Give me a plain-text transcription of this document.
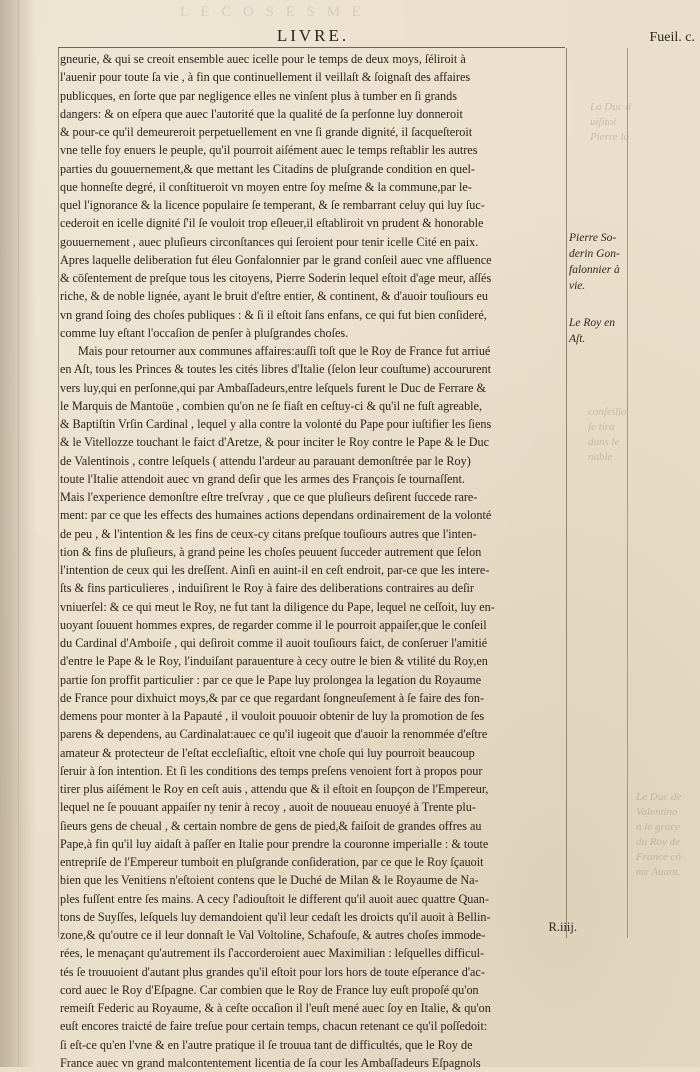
L E C O S E S M E
La Duc d
uiſitoi
Pierre lo
conſeillo
ſe tira
dans le
nable
Le Duc de
Valentino
n le grace
du Roy de
France cō
me Auant.
LIVRE.	Fueil. c.
gneurie, & qui se creoit ensemble auec icelle pour le temps de deux moys, ſéliroit à
l'auenir pour toute ſa vie , à fin que continuellement il veillaſt & ſoignaſt des affaires
publicques, en ſorte que par negligence elles ne vinſent plus à tumber en ſi grands
dangers: & on eſpera que auec l'autorité que la qualité de ſa perſonne luy donneroit
& pour-ce qu'il demeureroit perpetuellement en vne ſi grande dignité, il ſacqueſteroit
vne telle foy enuers le peuple, qu'il pourroit aiſément auec le temps reſtablir les autres
parties du gouuernement,& que mettant les Citadins de pluſgrande condition en quel-
que honneſte degré, il conſtitueroit vn moyen entre ſoy meſme & la commune,par le-
quel l'ignorance & la licence populaire ſe temperant, & ſe rembarrant celuy qui luy ſuc-
cederoit en icelle dignité ſ'il ſe vouloit trop eſleuer,il eſtabliroit vn prudent & honorable
gouuernement , auec pluſieurs circonſtances qui ſeroient pour tenir icelle Cité en paix.
Apres laquelle deliberation fut éleu Gonfalonnier par le grand conſeil auec vne affluence
& cōſentement de preſque tous les citoyens, Pierre Soderin lequel eſtoit d'age meur, aſſés
riche, & de noble lignée, ayant le bruit d'eſtre entier, & continent, & d'auoir touſiours eu
vn grand ſoing des choſes publiques : & ſi il eſtoit ſans enfans, ce qui fut bien conſideré,
comme luy eſtant l'occaſion de penſer à pluſgrandes choſes.
Mais pour retourner aux communes affaires:auſſi toſt que le Roy de France fut arriué
en Aſt, tous les Princes & toutes les cités libres d'Italie (ſelon leur couſtume) accoururent
vers luy,qui en perſonne,qui par Ambaſſadeurs,entre leſquels furent le Duc de Ferrare &
le Marquis de Mantoüe , combien qu'on ne ſe fiaſt en ceſtuy-ci & qu'il ne fuſt agreable,
& Baptiſtin Vrſin Cardinal , lequel y alla contre la volonté du Pape pour iuſtifier les ſiens
& le Vitellozze touchant le faict d'Aretze, & pour inciter le Roy contre le Pape & le Duc
de Valentinois , contre leſquels ( attendu l'ardeur au parauant demonſtrée par le Roy)
toute l'Italie attendoit auec vn grand deſir que les armes des François ſe tournaſſent.
Mais l'experience demonſtre eſtre treſvray , que ce que pluſieurs deſirent ſuccede rare-
ment: par ce que les effects des humaines actions dependans ordinairement de la volonté
de peu , & l'intention & les fins de ceux-cy citans preſque touſiours autres que l'inten-
tion & fins de pluſieurs, à grand peine les choſes peuuent ſucceder autrement que ſelon
l'intention de ceux qui les dreſſent. Ainſi en auint-il en ceſt endroit, par-ce que les interе-
ſts & fins particulieres , induiſirent le Roy à faire des deliberations contraires au deſir
vniuerſel: & ce qui meut le Roy, ne fut tant la diligence du Pape, lequel ne ceſſoit, luy en-
uoyant ſouuent hommes expres, de regarder comme il le pourroit appaiſer,que le conſeil
du Cardinal d'Amboiſe , qui deſiroit comme il auoit touſiours faict, de conſeruer l'amitié
d'entre le Pape & le Roy, l'induiſant parauenture à cecy outre le bien & vtilité du Roy,en
partie ſon proffit particulier : par ce que le Pape luy prolongea la legation du Royaume
de France pour dixhuict moys,& par ce que regardant ſongneuſement à ſe faire des fon-
demens pour monter à la Papauté , il vouloit pouuoir obtenir de luy la promotion de ſes
parens & dependens, au Cardinalat:auec ce qu'il iugeoit que d'auoir la renommée d'eſtre
amateur & protecteur de l'eſtat eccleſiaſtic, eſtoit vne choſe qui luy pourroit beaucoup
ſeruir à ſon intention. Et ſi les conditions des temps preſens venoient fort à propos pour
tirer plus aiſément le Roy en ceſt auis , attendu que & il eſtoit en ſoupçon de l'Empereur,
lequel ne ſe pouuant appaiſer ny tenir à recoy , auoit de nouueau enuoyé à Trente plu-
ſieurs gens de cheual , & certain nombre de gens de pied,& faiſoit de grandes offres au
Pape,à fin qu'il luy aidaſt à paſſer en Italie pour prendre la couronne imperialle : & toute
entrepriſe de l'Empereur tumboit en pluſgrande conſideration, par ce que le Roy ſçauoit
bien que les Venitiens n'eſtoient contens que le Duché de Milan & le Royaume de Na-
ples fuſſent entre ſes mains. A cecy ſ'adiouſtoit le different qu'il auoit auec quattre Quan-
tons de Suyſſes, leſquels luy demandoient qu'il leur cedaſt les droicts qu'il auoit à Bellin-
zone,& qu'outre ce il leur donnaſt le Val Voltoline, Schafouſe, & autres choſes immode-
rées, le menaçant qu'autrement ils ſ'accorderoient auec Maximilian : leſquelles difficul-
tés ſe trouuoient d'autant plus grandes qu'il eſtoit pour lors hors de toute eſperance d'ac-
cord auec le Roy d'Eſpagne. Car combien que le Roy de France luy euſt propoſé qu'on
remeiſt Federic au Royaume, & à ceſte occaſion il l'euſt mené auec ſoy en Italie, & qu'on
euſt encores traicté de faire treſue pour certain temps, chacun retenant ce qu'il poſſedoit:
ſi eſt-ce qu'en l'vne & en l'autre pratique il ſe trouua tant de difficultés, que le Roy de
France auec vn grand malcontentement licentia de ſa cour les Ambaſſadeurs Eſpagnols
Pierre So-
derin Gon-
falonnier à
vie.
Le Roy en
Aſt.
R.iiij.
